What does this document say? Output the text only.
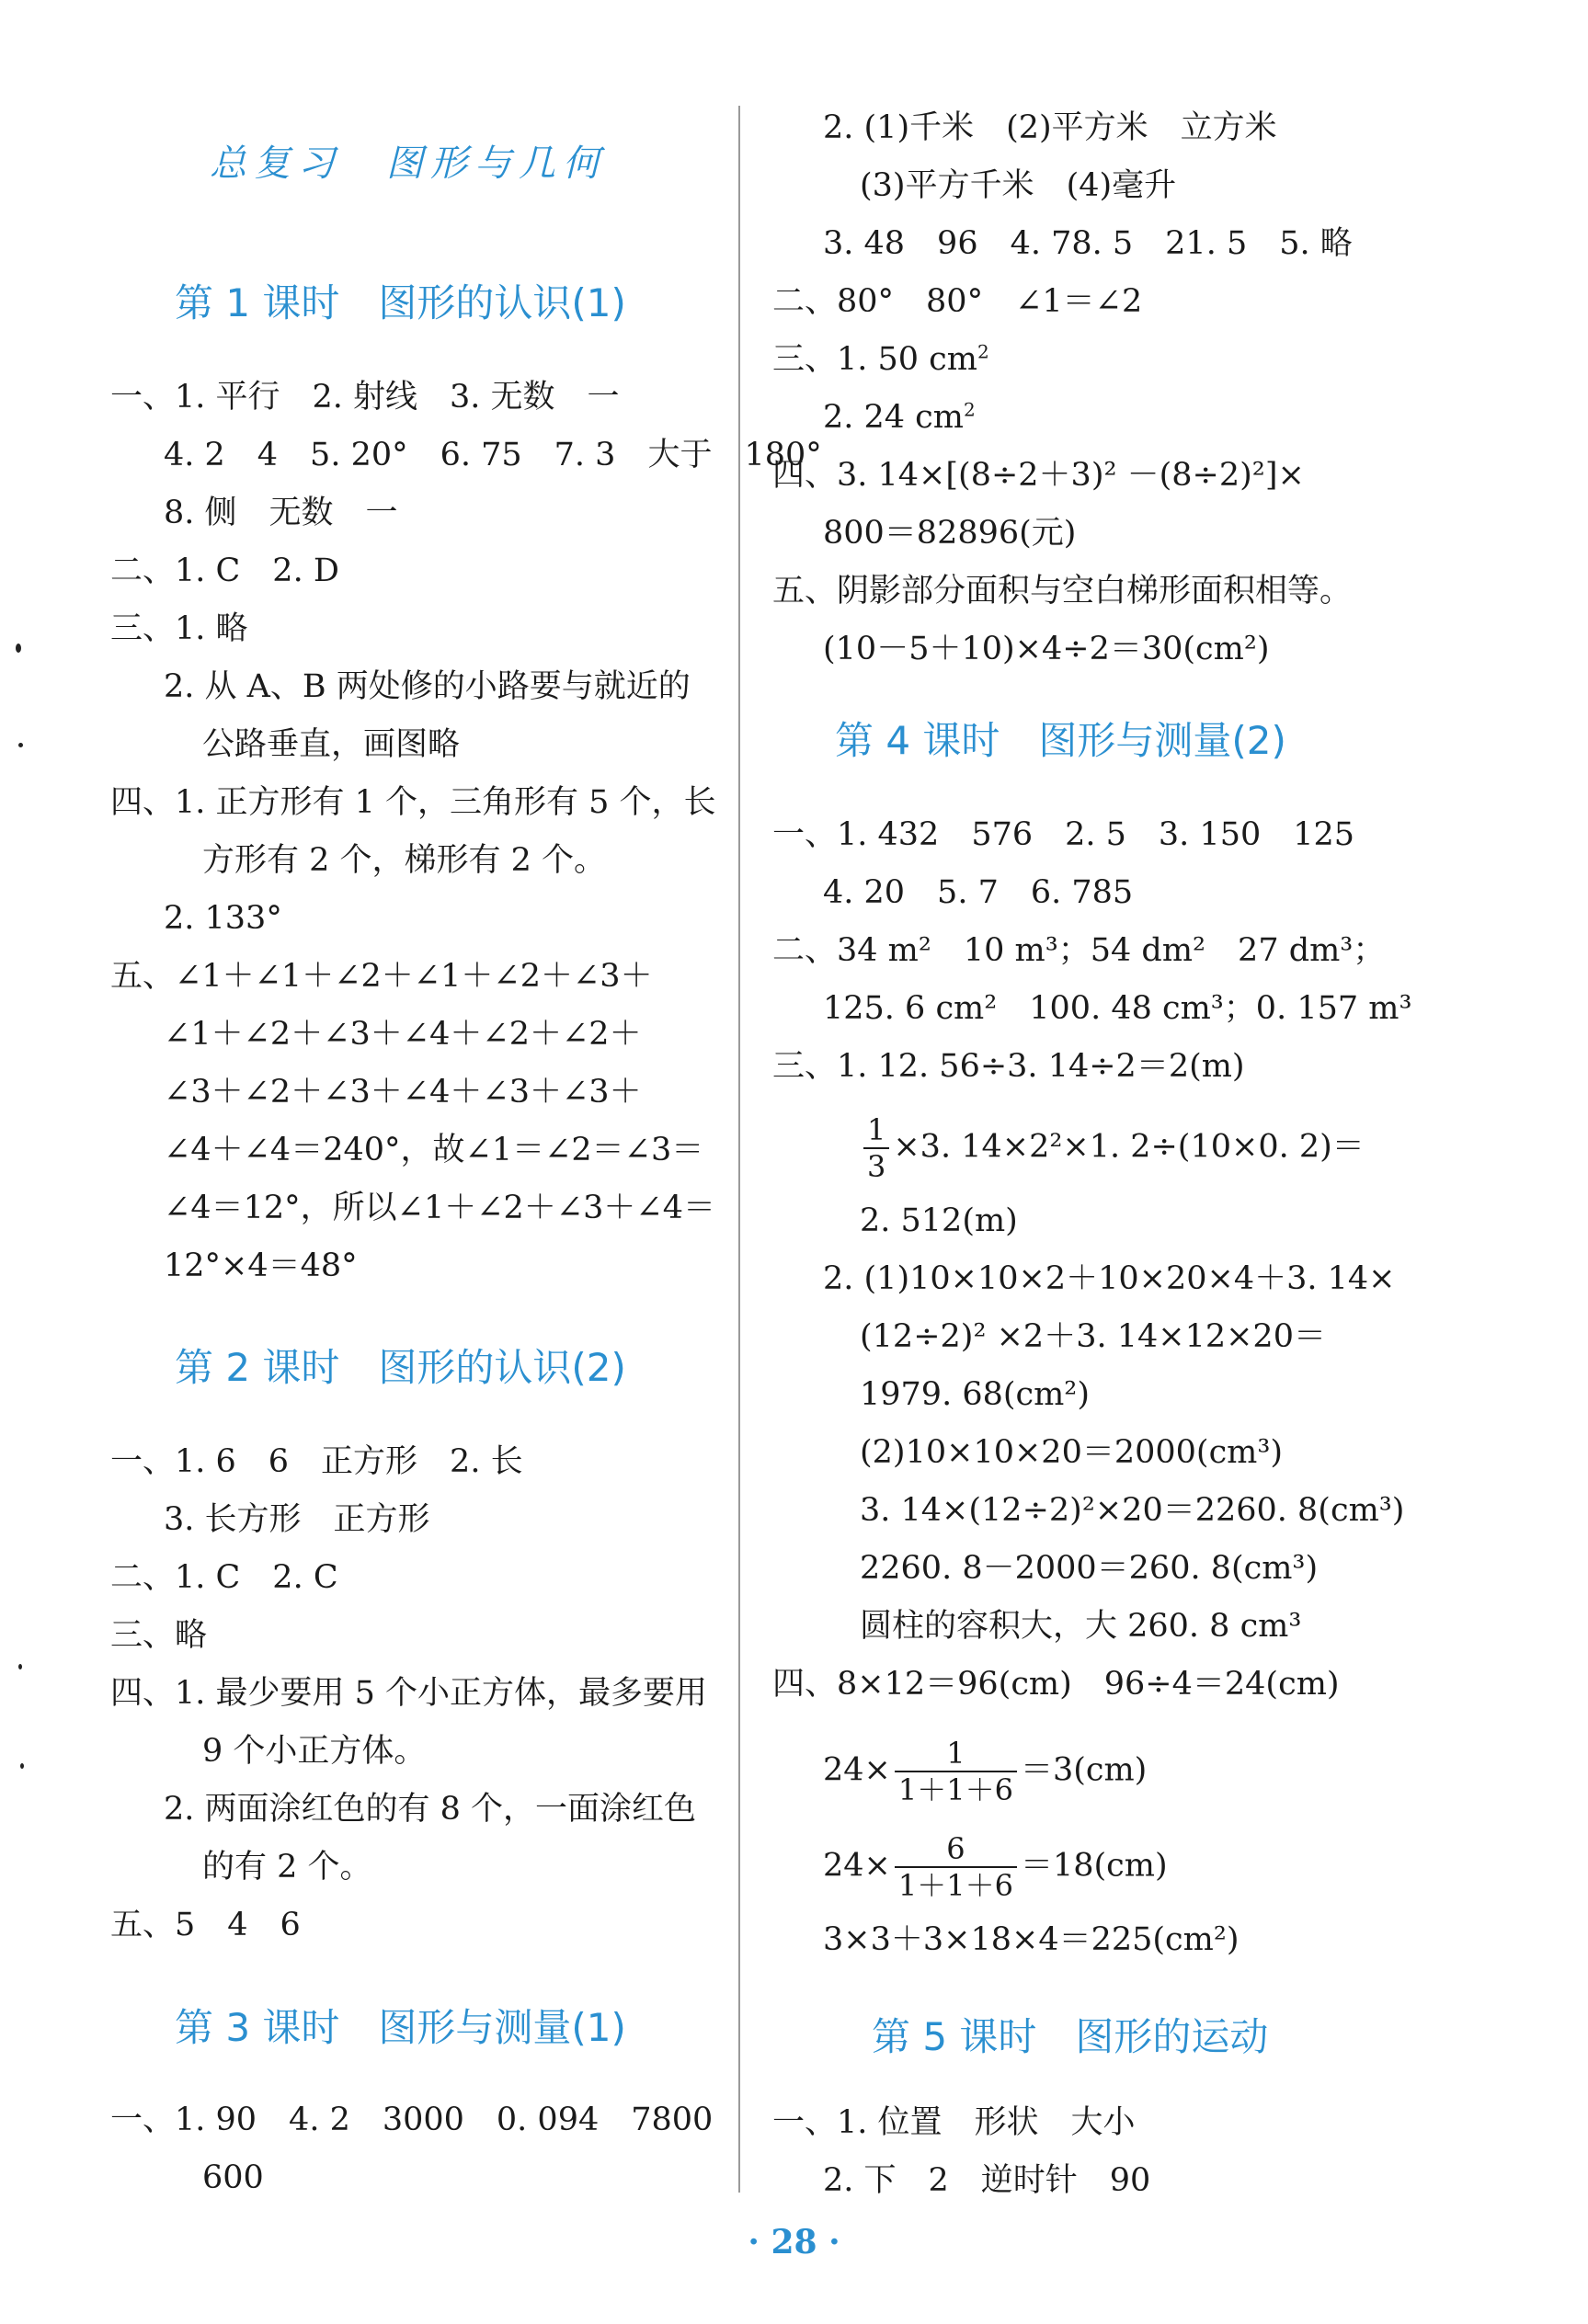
总复习　图形与几何
第 1 课时　图形的认识(1)
一、1. 平行　2. 射线　3. 无数　一
4. 2　4　5. 20°　6. 75　7. 3　大于　180°
8. 侧　无数　一
二、1. C　2. D
三、1. 略
2. 从 A、B 两处修的小路要与就近的
公路垂直，画图略
四、1. 正方形有 1 个，三角形有 5 个，长
方形有 2 个，梯形有 2 个。
2. 133°
五、∠1＋∠1＋∠2＋∠1＋∠2＋∠3＋
∠1＋∠2＋∠3＋∠4＋∠2＋∠2＋
∠3＋∠2＋∠3＋∠4＋∠3＋∠3＋
∠4＋∠4＝240°，故∠1＝∠2＝∠3＝
∠4＝12°，所以∠1＋∠2＋∠3＋∠4＝
12°×4＝48°
第 2 课时　图形的认识(2)
一、1. 6　6　正方形　2. 长
3. 长方形　正方形
二、1. C　2. C
三、略
四、1. 最少要用 5 个小正方体，最多要用
9 个小正方体。
2. 两面涂红色的有 8 个，一面涂红色
的有 2 个。
五、5　4　6
第 3 课时　图形与测量(1)
一、1. 90　4. 2　3000　0. 094　7800
600
2. (1)千米　(2)平方米　立方米
(3)平方千米　(4)毫升
3. 48　96　4. 78. 5　21. 5　5. 略
二、80°　80°　∠1＝∠2
三、1. 50 $cm^2$
2. 24 $cm^2$
四、3. 14×[(8÷2＋3)² －(8÷2)²]×
800＝82896(元)
五、阴影部分面积与空白梯形面积相等。
(10－5＋10)×4÷2＝30(cm²)
第 4 课时　图形与测量(2)
一、1. 432　576　2. 5　3. 150　125
4. 20　5. 7　6. 785
二、34 m²　10 m³；54 dm²　27 dm³；
125. 6 cm²　100. 48 cm³；0. 157 m³
三、1. 12. 56÷3. 14÷2＝2(m)
$\frac{1}{3} \times 3$. 14×2²×1. 2÷(10×0. 2)＝
2. 512(m)
2. (1)10×10×2＋10×20×4＋3. 14×
(12÷2)² ×2＋3. 14×12×20＝
1979. 68(cm²)
(2)10×10×20＝2000(cm³)
3. 14×(12÷2)²×20＝2260. 8(cm³)
2260. 8－2000＝260. 8(cm³)
圆柱的容积大，大 260. 8 cm³
四、8×12＝96(cm)　96÷4＝24(cm)
$24\times \frac{1}{1+1+6} =3(cm)$
$24\times \frac{6}{1+1+6} =18(cm)$
3×3＋3×18×4＝225(cm²)
第 5 课时　图形的运动
一、1. 位置　形状　大小
2. 下　2　逆时针　90
· 28 ·
